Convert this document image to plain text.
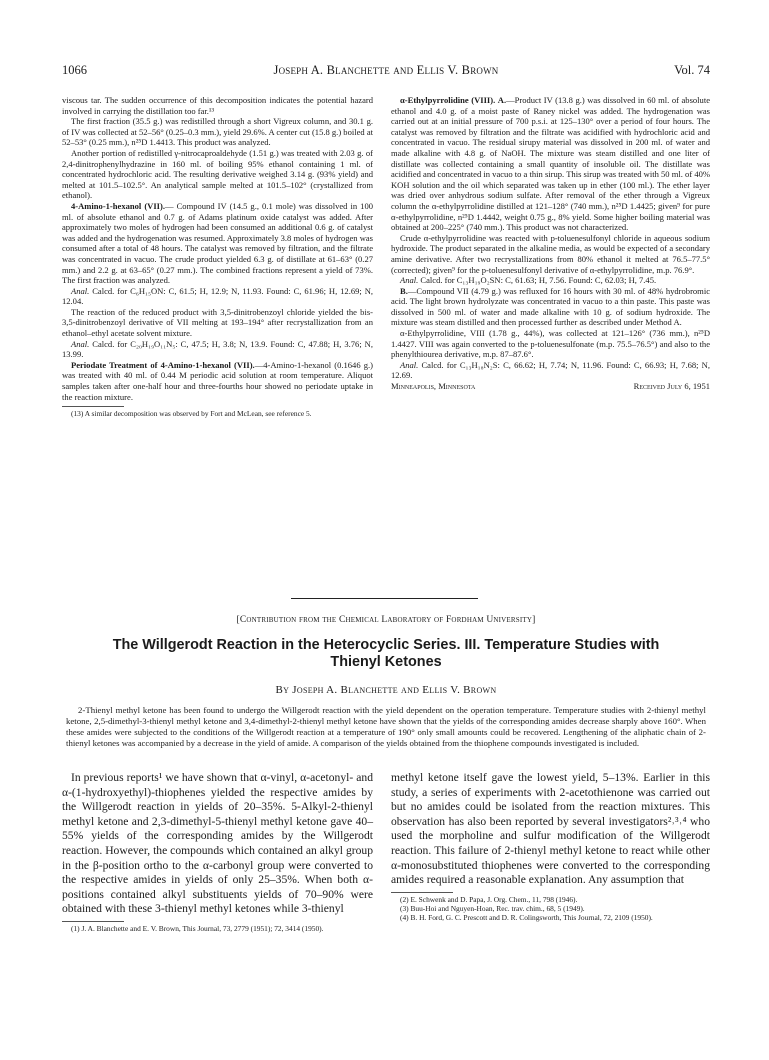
1066	Joseph A. Blanchette and Ellis V. Brown	Vol. 74

viscous tar. The sudden occurrence of this decomposition indicates the potential hazard involved in carrying the distillation too far.¹³

The first fraction (35.5 g.) was redistilled through a short Vigreux column, and 30.1 g. of IV was collected at 52–56° (0.25–0.3 mm.), yield 29.6%. A center cut (15.8 g.) boiled at 52–53° (0.25 mm.), n²⁵D 1.4413. This product was analyzed.

Another portion of redistilled γ-nitrocaproaldehyde (1.51 g.) was treated with 2.03 g. of 2,4-dinitrophenylhydrazine in 160 ml. of boiling 95% ethanol containing 1 ml. of concentrated hydrochloric acid. The resulting derivative weighed 3.14 g. (93% yield) and melted at 101.5–102.5°. An analytical sample melted at 101.5–102° (crystallized from ethanol).

4-Amino-1-hexanol (VII).— Compound IV (14.5 g., 0.1 mole) was dissolved in 100 ml. of absolute ethanol and 0.7 g. of Adams platinum oxide catalyst was added. After approximately two moles of hydrogen had been consumed an additional 0.6 g. of catalyst was added and the hydrogenation was resumed. Approximately 3.8 moles of hydrogen was consumed after a total of 48 hours. The catalyst was removed by filtration, and the filtrate was concentrated in vacuo. The crude product yielded 6.3 g. of distillate at 61–63° (0.27 mm.) and 2.2 g. at 63–65° (0.27 mm.). The combined fractions represent a yield of 73%. The first fraction was analyzed.

Anal. Calcd. for C₆H₁₅ON: C, 61.5; H, 12.9; N, 11.93. Found: C, 61.96; H, 12.69; N, 12.04.

The reaction of the reduced product with 3,5-dinitrobenzoyl chloride yielded the bis-3,5-dinitrobenzoyl derivative of VII melting at 193–194° after recrystallization from an ethanol–ethyl acetate solvent mixture.

Anal. Calcd. for C₂₀H₁₉O₁₁N₅: C, 47.5; H, 3.8; N, 13.9. Found: C, 47.88; H, 3.76; N, 13.99.

Periodate Treatment of 4-Amino-1-hexanol (VII).—4-Amino-1-hexanol (0.1646 g.) was treated with 40 ml. of 0.44 M periodic acid solution at room temperature. Aliquot samples taken after one-half hour and three-fourths hour showed no periodate uptake in the reaction mixture.

(13) A similar decomposition was observed by Fort and McLean, see reference 5.

α-Ethylpyrrolidine (VIII). A.—Product IV (13.8 g.) was dissolved in 60 ml. of absolute ethanol and 4.0 g. of a moist paste of Raney nickel was added. The hydrogenation was carried out at an initial pressure of 700 p.s.i. at 125–130° over a period of four hours. The catalyst was removed by filtration and the filtrate was acidified with hydrochloric acid and concentrated in vacuo. The residual sirupy material was dissolved in 200 ml. of water and made alkaline with 4.8 g. of NaOH. The mixture was steam distilled and one liter of distillate was collected containing a small quantity of insoluble oil. The distillate was acidified and concentrated in vacuo to a thin sirup. This sirup was treated with 50 ml. of 40% KOH solution and the oil which separated was taken up in ether (100 ml.). The ether layer was dried over anhydrous sodium sulfate. After removal of the ether through a Vigreux column the α-ethylpyrrolidine distilled at 121–128° (740 mm.), n²⁵D 1.4425; given⁹ for pure α-ethylpyrrolidine, n²⁵D 1.4442, weight 0.75 g., 8% yield. Some higher boiling material was obtained at 200–225° (740 mm.). This product was not characterized.

Crude α-ethylpyrrolidine was reacted with p-toluenesulfonyl chloride in aqueous sodium hydroxide. The product separated in the alkaline media, as would be expected of a secondary amine derivative. After two recrystallizations from 80% ethanol it melted at 76.5–77.5° (corrected); given⁹ for the p-toluenesulfonyl derivative of α-ethylpyrrolidine, m.p. 76.9°.

Anal. Calcd. for C₁₃H₁₉O₂SN: C, 61.63; H, 7.56. Found: C, 62.03; H, 7.45.

B.—Compound VII (4.79 g.) was refluxed for 16 hours with 30 ml. of 48% hydrobromic acid. The light brown hydrolyzate was concentrated in vacuo to a thin paste. This paste was dissolved in 500 ml. of water and made alkaline with 10 g. of sodium hydroxide. The mixture was steam distilled and then processed further as described under Method A.

α-Ethylpyrrolidine, VIII (1.78 g., 44%), was collected at 121–126° (736 mm.), n²⁵D 1.4427. VIII was again converted to the p-toluenesulfonate (m.p. 75.5–76.5°) and also to the phenylthiourea derivative, m.p. 87–87.6°.

Anal. Calcd. for C₁₃H₁₈N₂S: C, 66.62; H, 7.74; N, 11.96. Found: C, 66.93; H, 7.68; N, 12.69.

Minneapolis, Minnesota	Received July 6, 1951
[Contribution from the Chemical Laboratory of Fordham University]
The Willgerodt Reaction in the Heterocyclic Series. III. Temperature Studies with Thienyl Ketones
By Joseph A. Blanchette and Ellis V. Brown
2-Thienyl methyl ketone has been found to undergo the Willgerodt reaction with the yield dependent on the operation temperature. Temperature studies with 2-thienyl methyl ketone, 2,5-dimethyl-3-thienyl methyl ketone and 3,4-dimethyl-2-thienyl methyl ketone have shown that the yields of the corresponding amides decrease sharply above 160°. When these amides were subjected to the conditions of the Willgerodt reaction at a temperature of 190° only small amounts could be recovered. Lengthening of the aliphatic chain of 2-thienyl ketones was accompanied by a decrease in the yield of amide. A comparison of the yields obtained from the thiophene compounds investigated is included.

In previous reports¹ we have shown that α-vinyl, α-acetonyl- and α-(1-hydroxyethyl)-thiophenes yielded the respective amides by the Willgerodt reaction in yields of 20–35%. 5-Alkyl-2-thienyl methyl ketone and 2,3-dimethyl-5-thienyl methyl ketone gave 40–55% yields of the corresponding amides by the Willgerodt reaction. However, the compounds which contained an alkyl group in the β-position ortho to the α-carbonyl group were converted to the respective amides in yields of only 25–35%. When both α-positions contained alkyl substituents yields of 70–90% were obtained with these 3-thienyl methyl ketones while 3-thienyl

(1) J. A. Blanchette and E. V. Brown, This Journal, 73, 2779 (1951); 72, 3414 (1950).

methyl ketone itself gave the lowest yield, 5–13%. Earlier in this study, a series of experiments with 2-acetothienone was carried out but no amides could be isolated from the reaction mixtures. This observation has also been reported by several investigators²˒³˒⁴ who used the morpholine and sulfur modification of the Willgerodt reaction. This failure of 2-thienyl methyl ketone to react while other α-monosubstituted thiophenes were converted to the corresponding amides required a reasonable explanation. Any assumption that

(2) E. Schwenk and D. Papa, J. Org. Chem., 11, 798 (1946).

(3) Buu-Hoi and Nguyen-Hoan, Rec. trav. chim., 68, 5 (1949).

(4) B. H. Ford, G. C. Prescott and D. R. Colingsworth, This Journal, 72, 2109 (1950).
